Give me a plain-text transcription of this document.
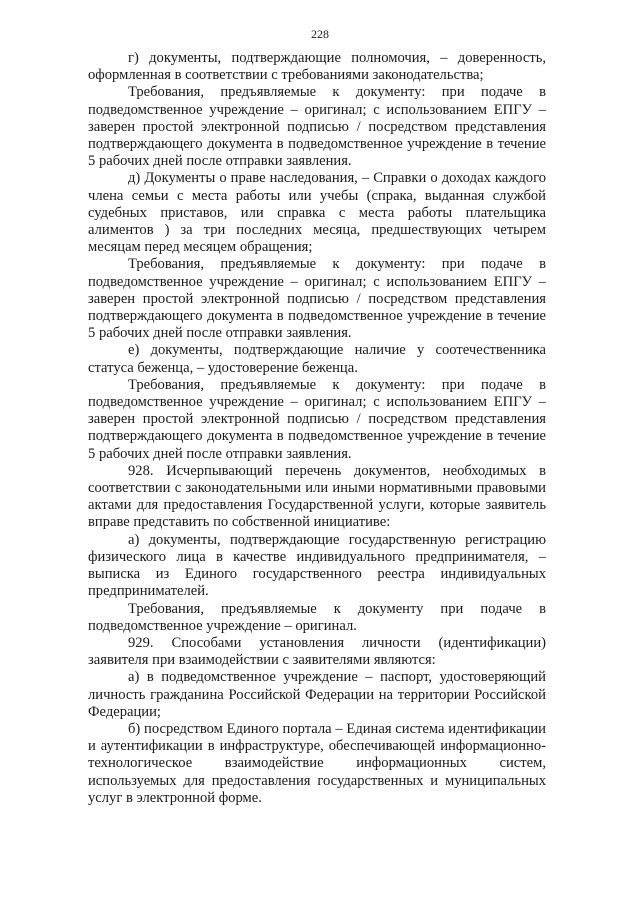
228

г) документы, подтверждающие полномочия, – доверенность, оформленная в соответствии с требованиями законодательства;

Требования, предъявляемые к документу: при подаче в подведомственное учреждение – оригинал; с использованием ЕПГУ – заверен простой электронной подписью / посредством представления подтверждающего документа в подведомственное учреждение в течение 5 рабочих дней после отправки заявления.

д) Документы о праве наследования, – Справки о доходах каждого члена семьи с места работы или учебы (спрака, выданная службой судебных приставов, или справка с места работы плательщика алиментов ) за три последних месяца, предшествующих четырем месяцам перед месяцем обращения;

Требования, предъявляемые к документу: при подаче в подведомственное учреждение – оригинал; с использованием ЕПГУ – заверен простой электронной подписью / посредством представления подтверждающего документа в подведомственное учреждение в течение 5 рабочих дней после отправки заявления.

е) документы, подтверждающие наличие у соотечественника статуса беженца, – удостоверение беженца.

Требования, предъявляемые к документу: при подаче в подведомственное учреждение – оригинал; с использованием ЕПГУ – заверен простой электронной подписью / посредством представления подтверждающего документа в подведомственное учреждение в течение 5 рабочих дней после отправки заявления.

928. Исчерпывающий перечень документов, необходимых в соответствии с законодательными или иными нормативными правовыми актами для предоставления Государственной услуги, которые заявитель вправе представить по собственной инициативе:

а) документы, подтверждающие государственную регистрацию физического лица в качестве индивидуального предпринимателя, – выписка из Единого государственного реестра индивидуальных предпринимателей.

Требования, предъявляемые к документу при подаче в подведомственное учреждение – оригинал.

929. Способами установления личности (идентификации) заявителя при взаимодействии с заявителями являются:

а) в подведомственное учреждение – паспорт, удостоверяющий личность гражданина Российской Федерации на территории Российской Федерации;

б) посредством Единого портала – Единая система идентификации и аутентификации в инфраструктуре, обеспечивающей информационно-технологическое взаимодействие информационных систем, используемых для предоставления государственных и муниципальных услуг в электронной форме.
